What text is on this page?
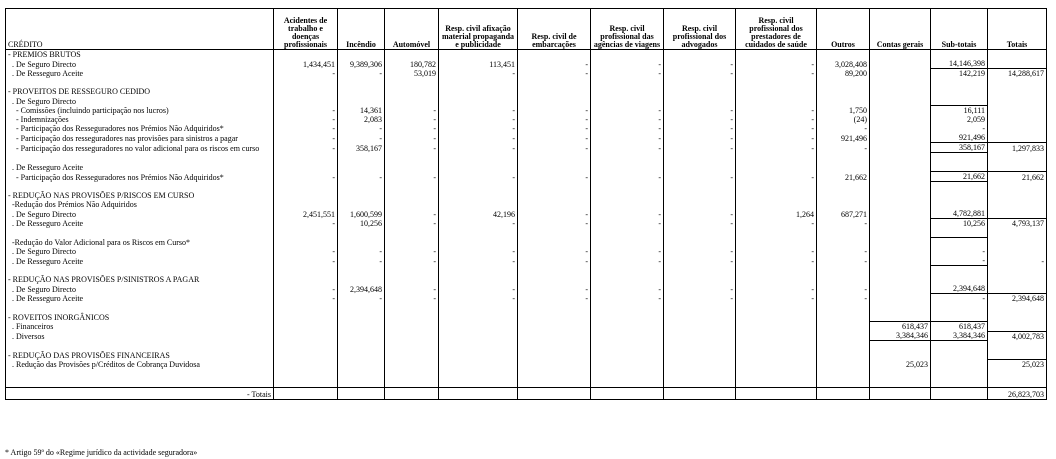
CRÉDITO	Acidentes de trabalho e doenças profissionais	Incêndio	Automóvel	Resp. civil afixação material propaganda e publicidade	Resp. civil de embarcações	Resp. civil profissional das agências de viagens	Resp. civil profissional dos advogados	Resp. civil profissional dos prestadores de cuidados de saúde	Outros	Contas gerais	Sub-totais	Totais
- PREMIOS BRUTOS												
. De Seguro Directo	1,434,451	9,389,306	180,782	113,451	-	-	-	-	3,028,408		14,146,398	
. De Resseguro Aceite	-	-	53,019	-	-	-	-	-	89,200		142,219	14,288,617

- PROVEITOS DE RESSEGURO CEDIDO												
. De Seguro Directo												
- Comissões (incluindo participação nos lucros)	-	14,361	-	-	-	-	-	-	1,750		16,111	
- Indemnizações	-	2,083	-	-	-	-	-	-	(24)		2,059	
- Participação dos Resseguradores nos Prémios Não Adquiridos*	-	-	-	-	-	-	-	-	-		-	
- Participação dos resseguradores nas provisões para sinistros a pagar	-	-	-	-	-	-	-	-	921,496		921,496	
- Participação dos resseguradores no valor adicional para os riscos em curso	-	358,167	-	-	-	-	-	-	-		358,167	1,297,833

. De Resseguro Aceite												
- Participação dos Resseguradores nos Prémios Não Adquiridos*	-	-	-	-	-	-	-	-	21,662		21,662	21,662

- REDUÇÃO NAS PROVISÕES P/RISCOS EM CURSO												
-Redução dos Prémios Não Adquiridos												
. De Seguro Directo	2,451,551	1,600,599	-	42,196	-	-	-	1,264	687,271		4,782,881	
. De Resseguro Aceite	-	10,256	-	-	-	-	-	-	-		10,256	4,793,137

-Redução do Valor Adicional para os Riscos em Curso*												
. De Seguro Directo	-	-	-	-	-	-	-	-	-		-	
. De Resseguro Aceite	-	-	-	-	-	-	-	-	-		-	-

- REDUÇÃO NAS PROVISÕES P/SINISTROS A PAGAR												
. De Seguro Directo	-	2,394,648	-	-	-	-	-	-	-		2,394,648	
. De Resseguro Aceite	-	-	-	-	-	-	-	-	-		-	2,394,648

- ROVEITOS INORGÂNICOS												
. Financeiros										618,437	618,437	
. Diversos										3,384,346	3,384,346	4,002,783

- REDUÇÃO DAS PROVISÕES FINANCEIRAS												
. Redução das Provisões p/Créditos de Cobrança Duvidosa										25,023		25,023

- Totais												26,823,703
* Artigo 59º do «Regime jurídico da actividade seguradora»
